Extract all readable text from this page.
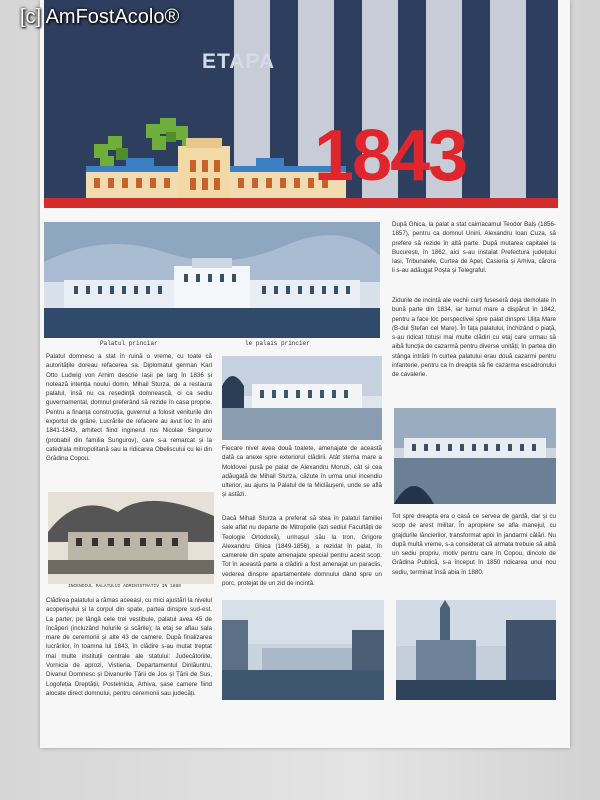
[c] AmFostAcolo®
ETAPA
1843
Palatul princiar	le palais princier

Palatul domnesc a stat în ruină o vreme, cu toate că autoritățile doreau refacerea sa. Diplomatul german Karl Otto Ludwig von Arnim descrie Iașii pe larg în 1836 și notează intenția noului domn, Mihail Sturza, de a restaura palatul, însă nu ca reședință domnească, ci ca sediu guvernamental, domnul preferând să rezide în casa proprie. Pentru a finanța construcția, guvernul a folosit veniturile din exportul de grâne. Lucrările de refacere au avut loc în anii 1841-1843, arhitect fiind inginerul rus Nicolae Singurov (probabil din familia Sungurov), care s-a remarcat și la catedrala mitropolitană sau la ridicarea Obeliscului cu lei din Grădina Copou.

INCENDIUL PALATULUI ADMINISTRATIV IN 1880

Clădirea palatului a rămas aceeași, cu mici ajustări la nivelul acoperișului și la corpul din spate, parteа dinspre sud-est. La parter, pe lângă cele trei vestibule, palatul avea 45 de încăperi (incluzând holurile și scările); la etaj se aflau sala mare de ceremonii și alte 43 de camere. După finalizarea lucrărilor, în toamna lui 1843, în clădire s-au mutat treptat mai multe instituții centrale ale statului: Judecătoriile, Vornicia de aprozi, Vistieria, Departamentul Dinlăuntru, Divanul Domnesc și Divanurile Țării de Jos și Țării de Sus, Logofeția Dreptății, Postelnicia, Arhiva, șase camere fiind alocate direct domnului, pentru ceremonii sau judecăți.

Fiecare nivel avea două toalete, amenajate de această dată ca anexe spre exteriorul clădirii. Atât stema mare a Moldovei pusă pe palat de Alexandru Moruzi, cât și cea adăugată de Mihail Sturza, căzute în urma unui incendiu ulterior, au ajuns la Palatul de la Miclăușeni, unde se află și astăzi.

Dacă Mihail Sturza a preferat să stea în palatul familiei sale aflat nu departe de Mitropolie (azi sediul Facultății de Teologie Ortodoxă), urmașul său la tron, Grigore Alexandru Ghica (1849-1856), a rezidat în palat, în camerele din spate amenajate special pentru acest scop. Tot în această parte a clădirii a fost amenajat un paraclis, vederea dinspre apartamentele domnului dând spre un porc, protejat de un zid de incintă.

După Ghica, la palat a stat caimacamul Teodor Balș (1856-1857), pentru ca domnul Unirii, Alexandru Ioan Cuza, să prefere să rezide în altă parte. După mutarea capitalei la București, în 1862, aici s-au instalat Prefectura județului Iași, Tribunalele, Curtea de Apel, Casieria și Arhiva, cărora li s-au adăugat Poșta și Telegraful.

Zidurile de incintă ale vechii curți fuseseră deja demolate în bună parte din 1834, iar turnul mare a dispărut în 1842, pentru a face loc perspectivei spre palat dinspre Ulița Mare (B-dul Ștefan cel Mare). În fața palatului, închizând o piață, s-au ridicat totuși mai multe clădiri cu etaj care urmau să aibă funcția de cazarmă pentru diverse unități; în partea din stânga intrării în curtea palatului erau două cazarmi pentru infanterie, pentru ca în dreapta să fie cazarma escadronului de cavalerie.

Tot spre dreapta era o casă ce servea de gardă, dar și cu scop de arest militar. În apropiere se afla manejul, cu grajdurile lăncierilor, transformat apoi în jandarmi călări. Nu după multă vreme, s-a considerat că armata trebuie să aibă un sediu propriu, motiv pentru care în Copou, dincolo de Grădina Publică, s-a început în 1850 ridicarea unui nou sediu, terminat însă abia în 1880.
